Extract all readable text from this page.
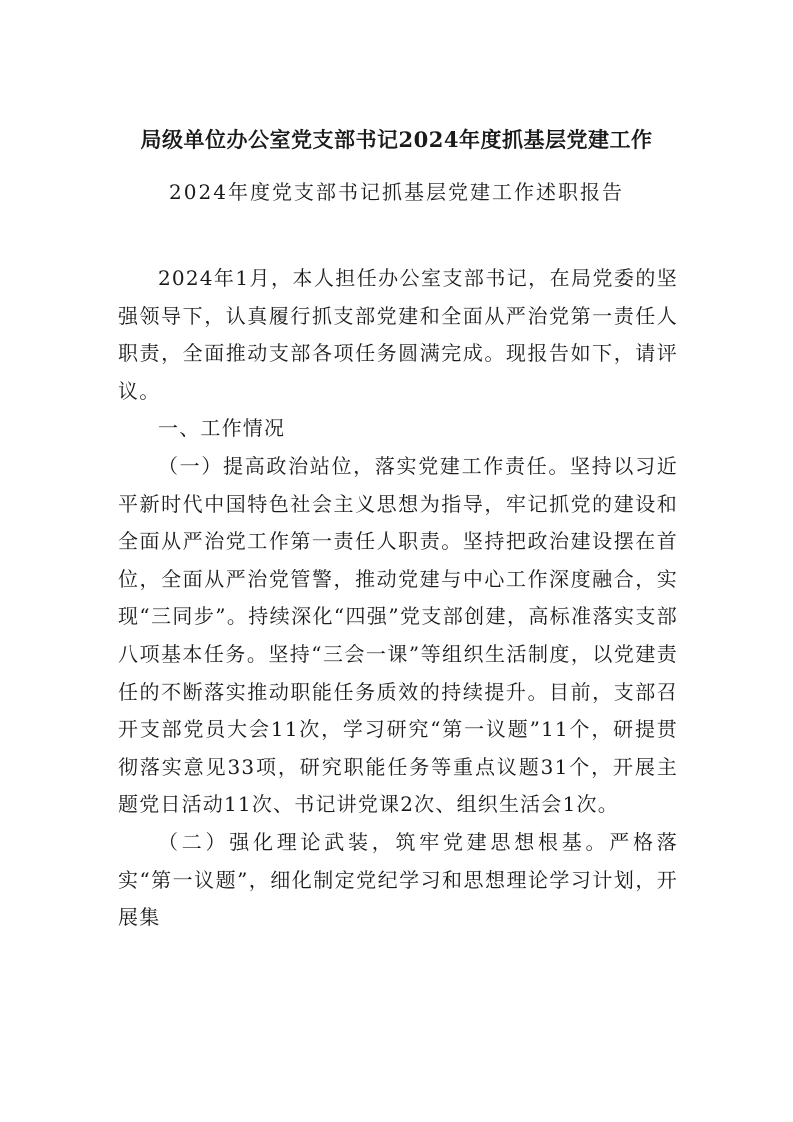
局级单位办公室党支部书记2024年度抓基层党建工作
2024年度党支部书记抓基层党建工作述职报告

2024年1月，本人担任办公室支部书记，在局党委的坚强领导下，认真履行抓支部党建和全面从严治党第一责任人职责，全面推动支部各项任务圆满完成。现报告如下，请评议。

一、工作情况

（一）提高政治站位，落实党建工作责任。坚持以习近平新时代中国特色社会主义思想为指导，牢记抓党的建设和全面从严治党工作第一责任人职责。坚持把政治建设摆在首位，全面从严治党管警，推动党建与中心工作深度融合，实现“三同步”。持续深化“四强”党支部创建，高标准落实支部八项基本任务。坚持“三会一课”等组织生活制度，以党建责任的不断落实推动职能任务质效的持续提升。目前，支部召开支部党员大会11次，学习研究“第一议题”11个，研提贯彻落实意见33项，研究职能任务等重点议题31个，开展主题党日活动11次、书记讲党课2次、组织生活会1次。

（二）强化理论武装，筑牢党建思想根基。严格落实“第一议题”，细化制定党纪学习和思想理论学习计划，开展集
